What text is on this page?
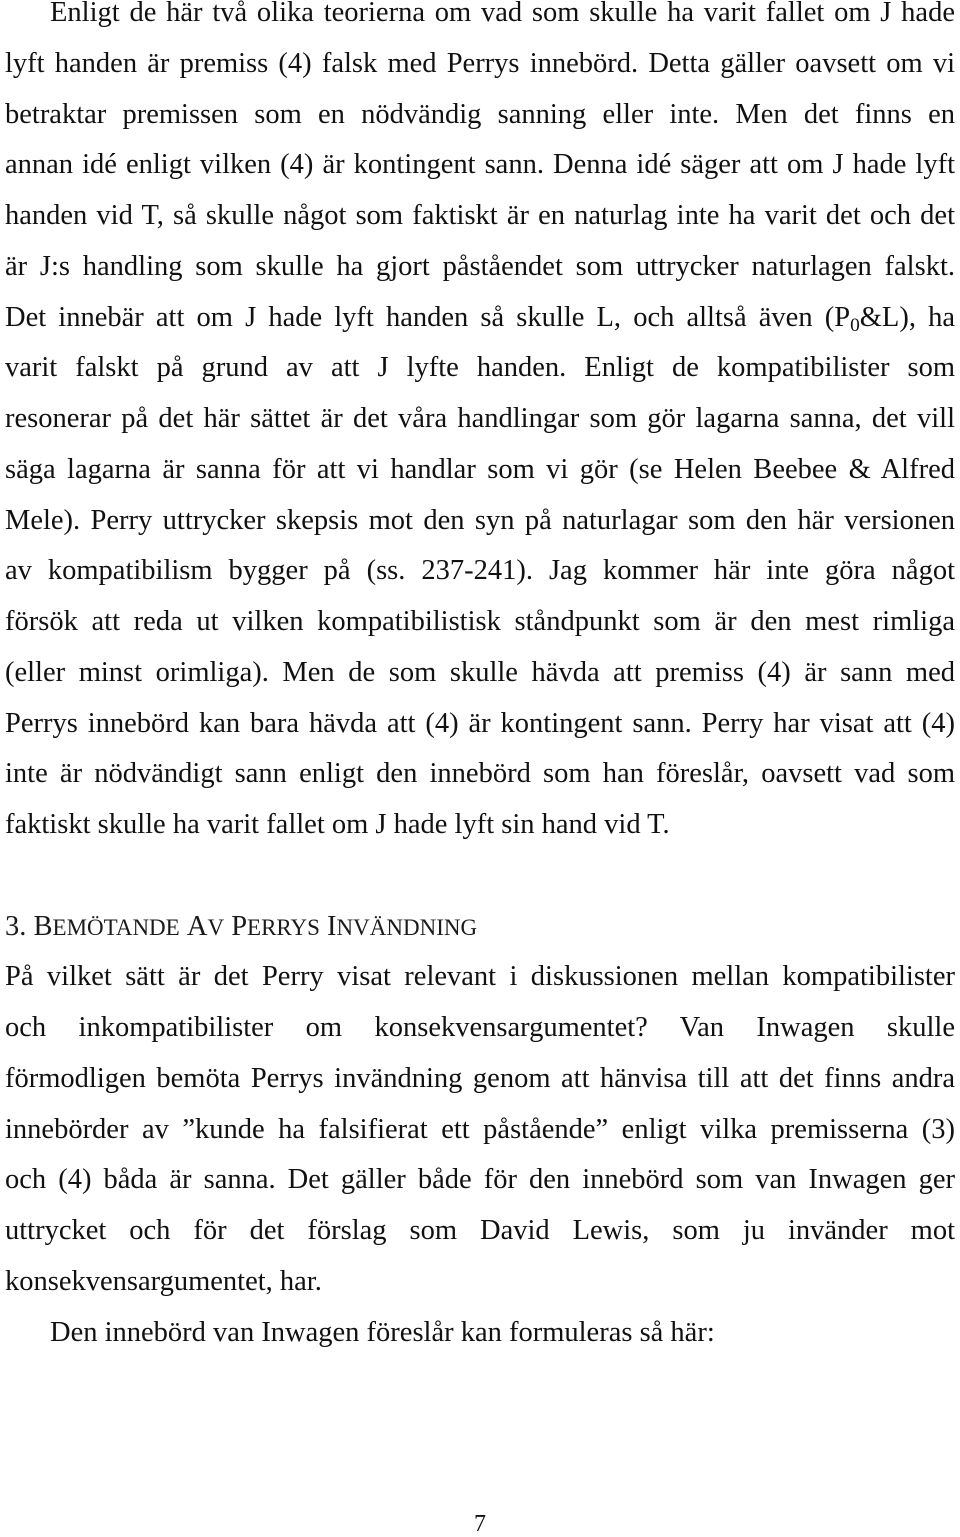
Enligt de här två olika teorierna om vad som skulle ha varit fallet om J hade
lyft handen är premiss (4) falsk med Perrys innebörd. Detta gäller oavsett om vi
betraktar premissen som en nödvändig sanning eller inte. Men det finns en
annan idé enligt vilken (4) är kontingent sann. Denna idé säger att om J hade lyft
handen vid T, så skulle något som faktiskt är en naturlag inte ha varit det och det
är J:s handling som skulle ha gjort påståendet som uttrycker naturlagen falskt.
Det innebär att om J hade lyft handen så skulle L, och alltså även $(P_0\&L)$, ha
varit falskt på grund av att J lyfte handen. Enligt de kompatibilister som
resonerar på det här sättet är det våra handlingar som gör lagarna sanna, det vill
säga lagarna är sanna för att vi handlar som vi gör (se Helen Beebee & Alfred
Mele). Perry uttrycker skepsis mot den syn på naturlagar som den här versionen
av kompatibilism bygger på (ss. 237-241). Jag kommer här inte göra något
försök att reda ut vilken kompatibilistisk ståndpunkt som är den mest rimliga
(eller minst orimliga). Men de som skulle hävda att premiss (4) är sann med
Perrys innebörd kan bara hävda att (4) är kontingent sann. Perry har visat att (4)
inte är nödvändigt sann enligt den innebörd som han föreslår, oavsett vad som
faktiskt skulle ha varit fallet om J hade lyft sin hand vid T.
3. BEMÖTANDE AV PERRYS INVÄNDNING
På vilket sätt är det Perry visat relevant i diskussionen mellan kompatibilister
och inkompatibilister om konsekvensargumentet? Van Inwagen skulle
förmodligen bemöta Perrys invändning genom att hänvisa till att det finns andra
innebörder av ”kunde ha falsifierat ett påstående” enligt vilka premisserna (3)
och (4) båda är sanna. Det gäller både för den innebörd som van Inwagen ger
uttrycket och för det förslag som David Lewis, som ju invänder mot
konsekvensargumentet, har.
Den innebörd van Inwagen föreslår kan formuleras så här:
7
